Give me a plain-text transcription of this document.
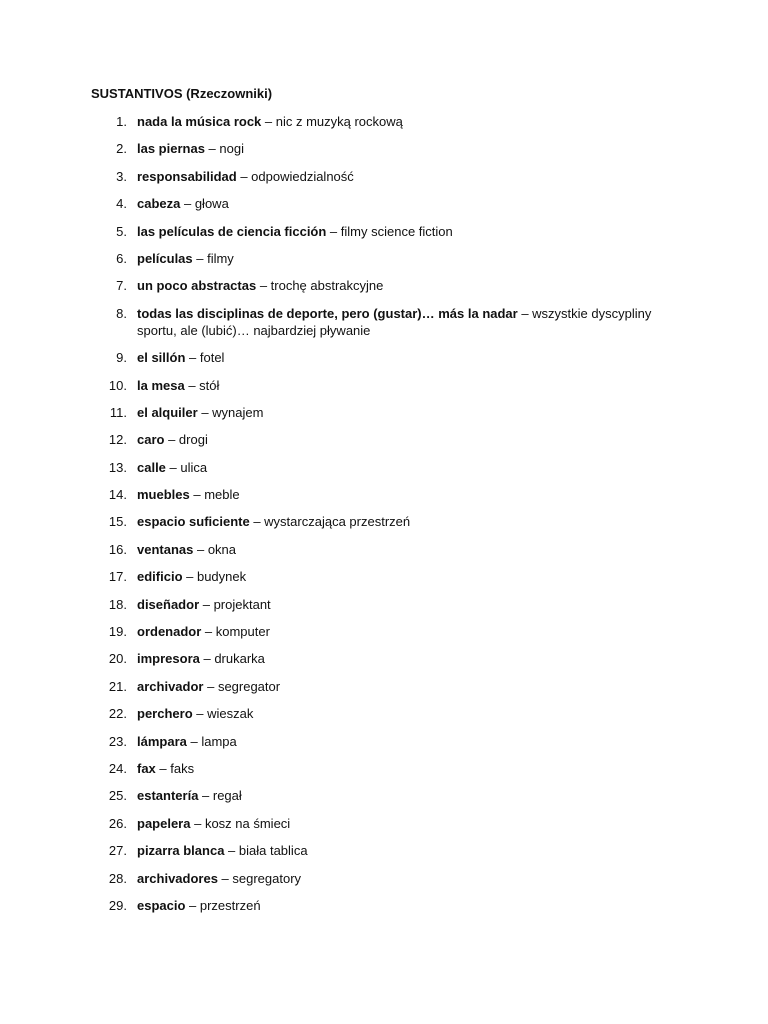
SUSTANTIVOS (Rzeczowniki)
1. nada la música rock – nic z muzyką rockową
2. las piernas – nogi
3. responsabilidad – odpowiedzialność
4. cabeza – głowa
5. las películas de ciencia ficción – filmy science fiction
6. películas – filmy
7. un poco abstractas – trochę abstrakcyjne
8. todas las disciplinas de deporte, pero (gustar)… más la nadar – wszystkie dyscypliny sportu, ale (lubić)… najbardziej pływanie
9. el sillón – fotel
10. la mesa – stół
11. el alquiler – wynajem
12. caro – drogi
13. calle – ulica
14. muebles – meble
15. espacio suficiente – wystarczająca przestrzeń
16. ventanas – okna
17. edificio – budynek
18. diseñador – projektant
19. ordenador – komputer
20. impresora – drukarka
21. archivador – segregator
22. perchero – wieszak
23. lámpara – lampa
24. fax – faks
25. estantería – regał
26. papelera – kosz na śmieci
27. pizarra blanca – biała tablica
28. archivadores – segregatory
29. espacio – przestrzeń
